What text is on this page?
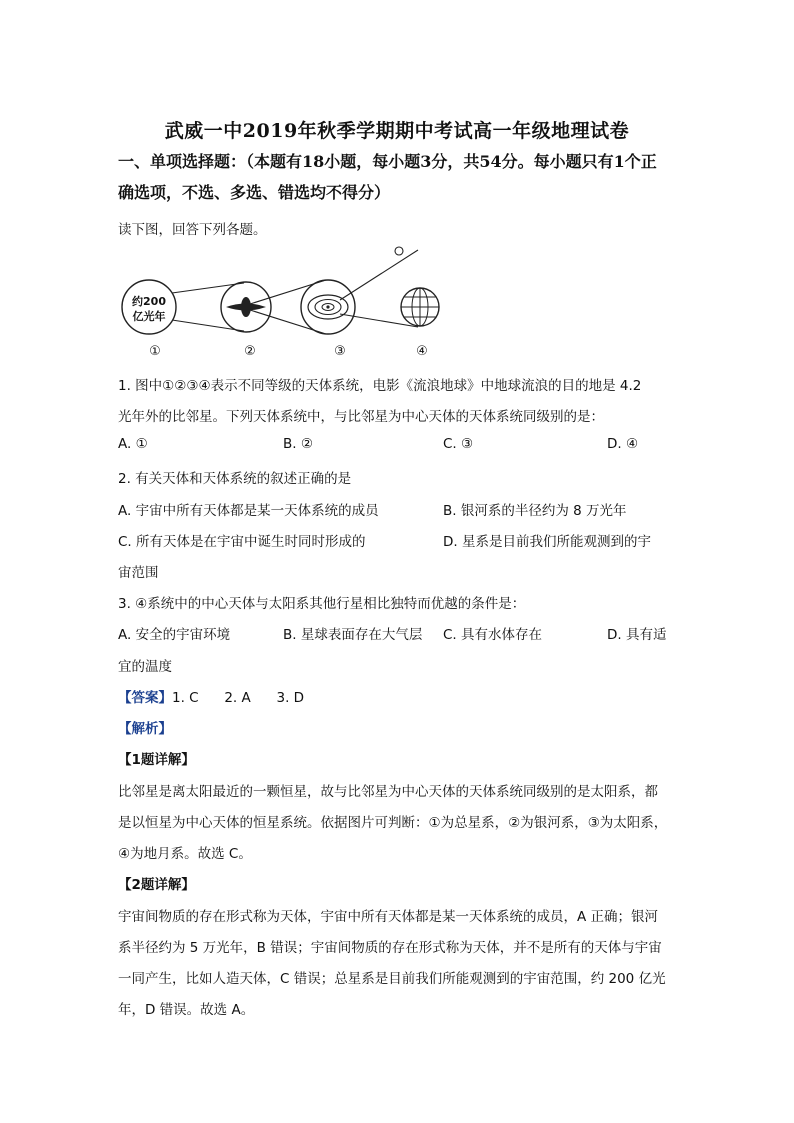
武威一中2019年秋季学期期中考试高一年级地理试卷
一、单项选择题：（本题有18小题，每小题3分，共54分。每小题只有1个正
确选项，不选、多选、错选均不得分）
读下图，回答下列各题。
约200
亿光年
①	②	③	④
1. 图中①②③④表示不同等级的天体系统，电影《流浪地球》中地球流浪的目的地是 4.2
光年外的比邻星。下列天体系统中，与比邻星为中心天体的天体系统同级别的是：
A. ①	B. ②	C. ③	D. ④
2. 有关天体和天体系统的叙述正确的是
A. 宇宙中所有天体都是某一天体系统的成员	B. 银河系的半径约为 8 万光年
C. 所有天体是在宇宙中诞生时同时形成的	D. 星系是目前我们所能观测到的宇
宙范围
3. ④系统中的中心天体与太阳系其他行星相比独特而优越的条件是：
A. 安全的宇宙环境	B. 星球表面存在大气层 C. 具有水体存在	D. 具有适
宜的温度
【答案】1. C      2. A      3. D
【解析】
【1题详解】
比邻星是离太阳最近的一颗恒星，故与比邻星为中心天体的天体系统同级别的是太阳系，都
是以恒星为中心天体的恒星系统。依据图片可判断：①为总星系，②为银河系，③为太阳系，
④为地月系。故选 C。
【2题详解】
宇宙间物质的存在形式称为天体，宇宙中所有天体都是某一天体系统的成员，A 正确；银河
系半径约为 5 万光年，B 错误；宇宙间物质的存在形式称为天体，并不是所有的天体与宇宙
一同产生，比如人造天体，C 错误；总星系是目前我们所能观测到的宇宙范围，约 200 亿光
年，D 错误。故选 A。
